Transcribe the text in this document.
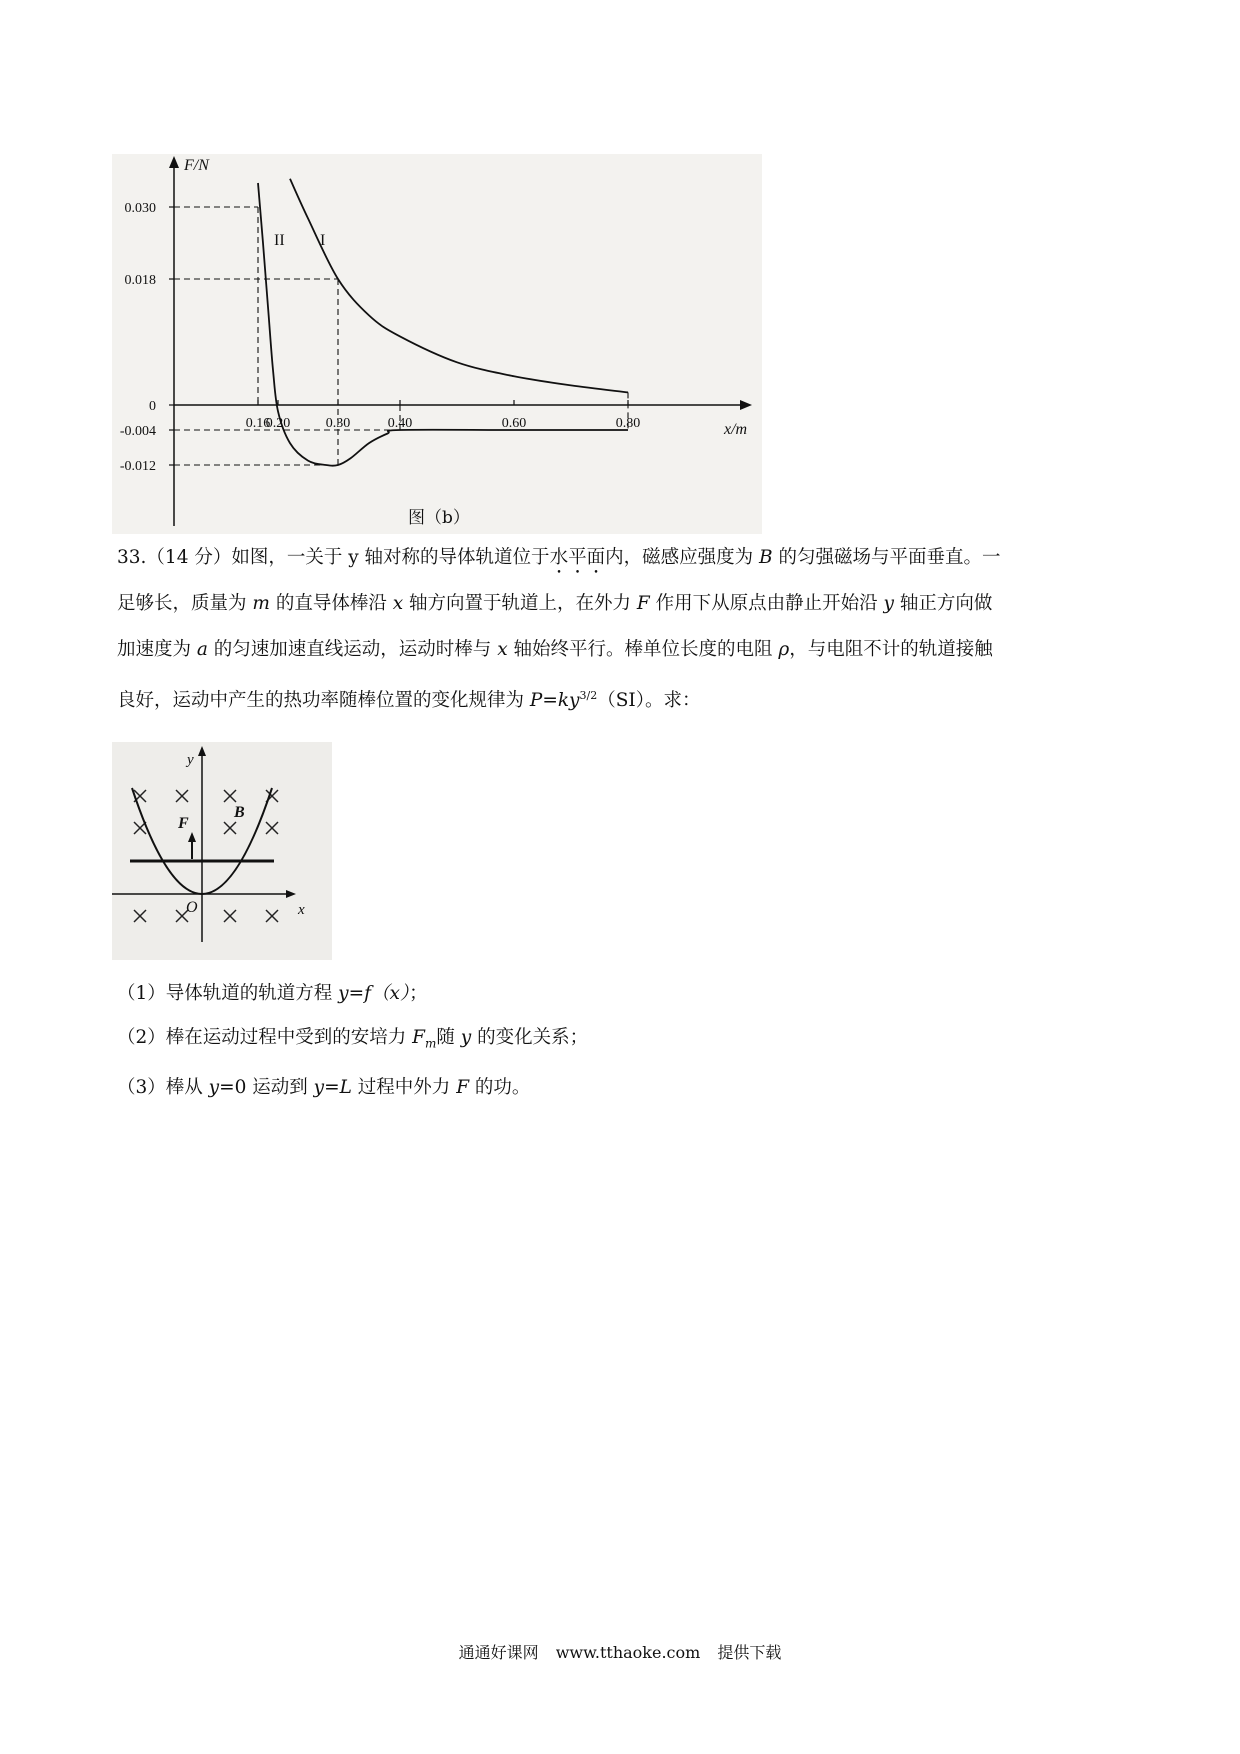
0.030
0.018
0
-0.004
-0.012
0.16
0.20	0.30	0.40	0.60	0.80
I
II
F/N
x/m
图（b）

33.（14 分）如图，一关于 y 轴对称的导体轨道位于水平面内，磁感应强度为 B 的匀强磁场与平面垂直。一

足够长，质量为 m 的直导体棒沿 x 轴方向置于轨道上，在外力 F 作用下从原点由静止开始沿 y 轴正方向做

加速度为 a 的匀速加速直线运动，运动时棒与 x 轴始终平行。棒单位长度的电阻 ρ，与电阻不计的轨道接触

良好，运动中产生的热功率随棒位置的变化规律为 $P=ky^{3/2}(SI)$。求：

y
x
O
F
B
（1）导体轨道的轨道方程 y=f（x）；
（2）棒在运动过程中受到的安培力 $F_m$随 y 的变化关系；
（3）棒从 y=0 运动到 y=L 过程中外力 F 的功。
通通好课网 www.tthaoke.com 提供下载
